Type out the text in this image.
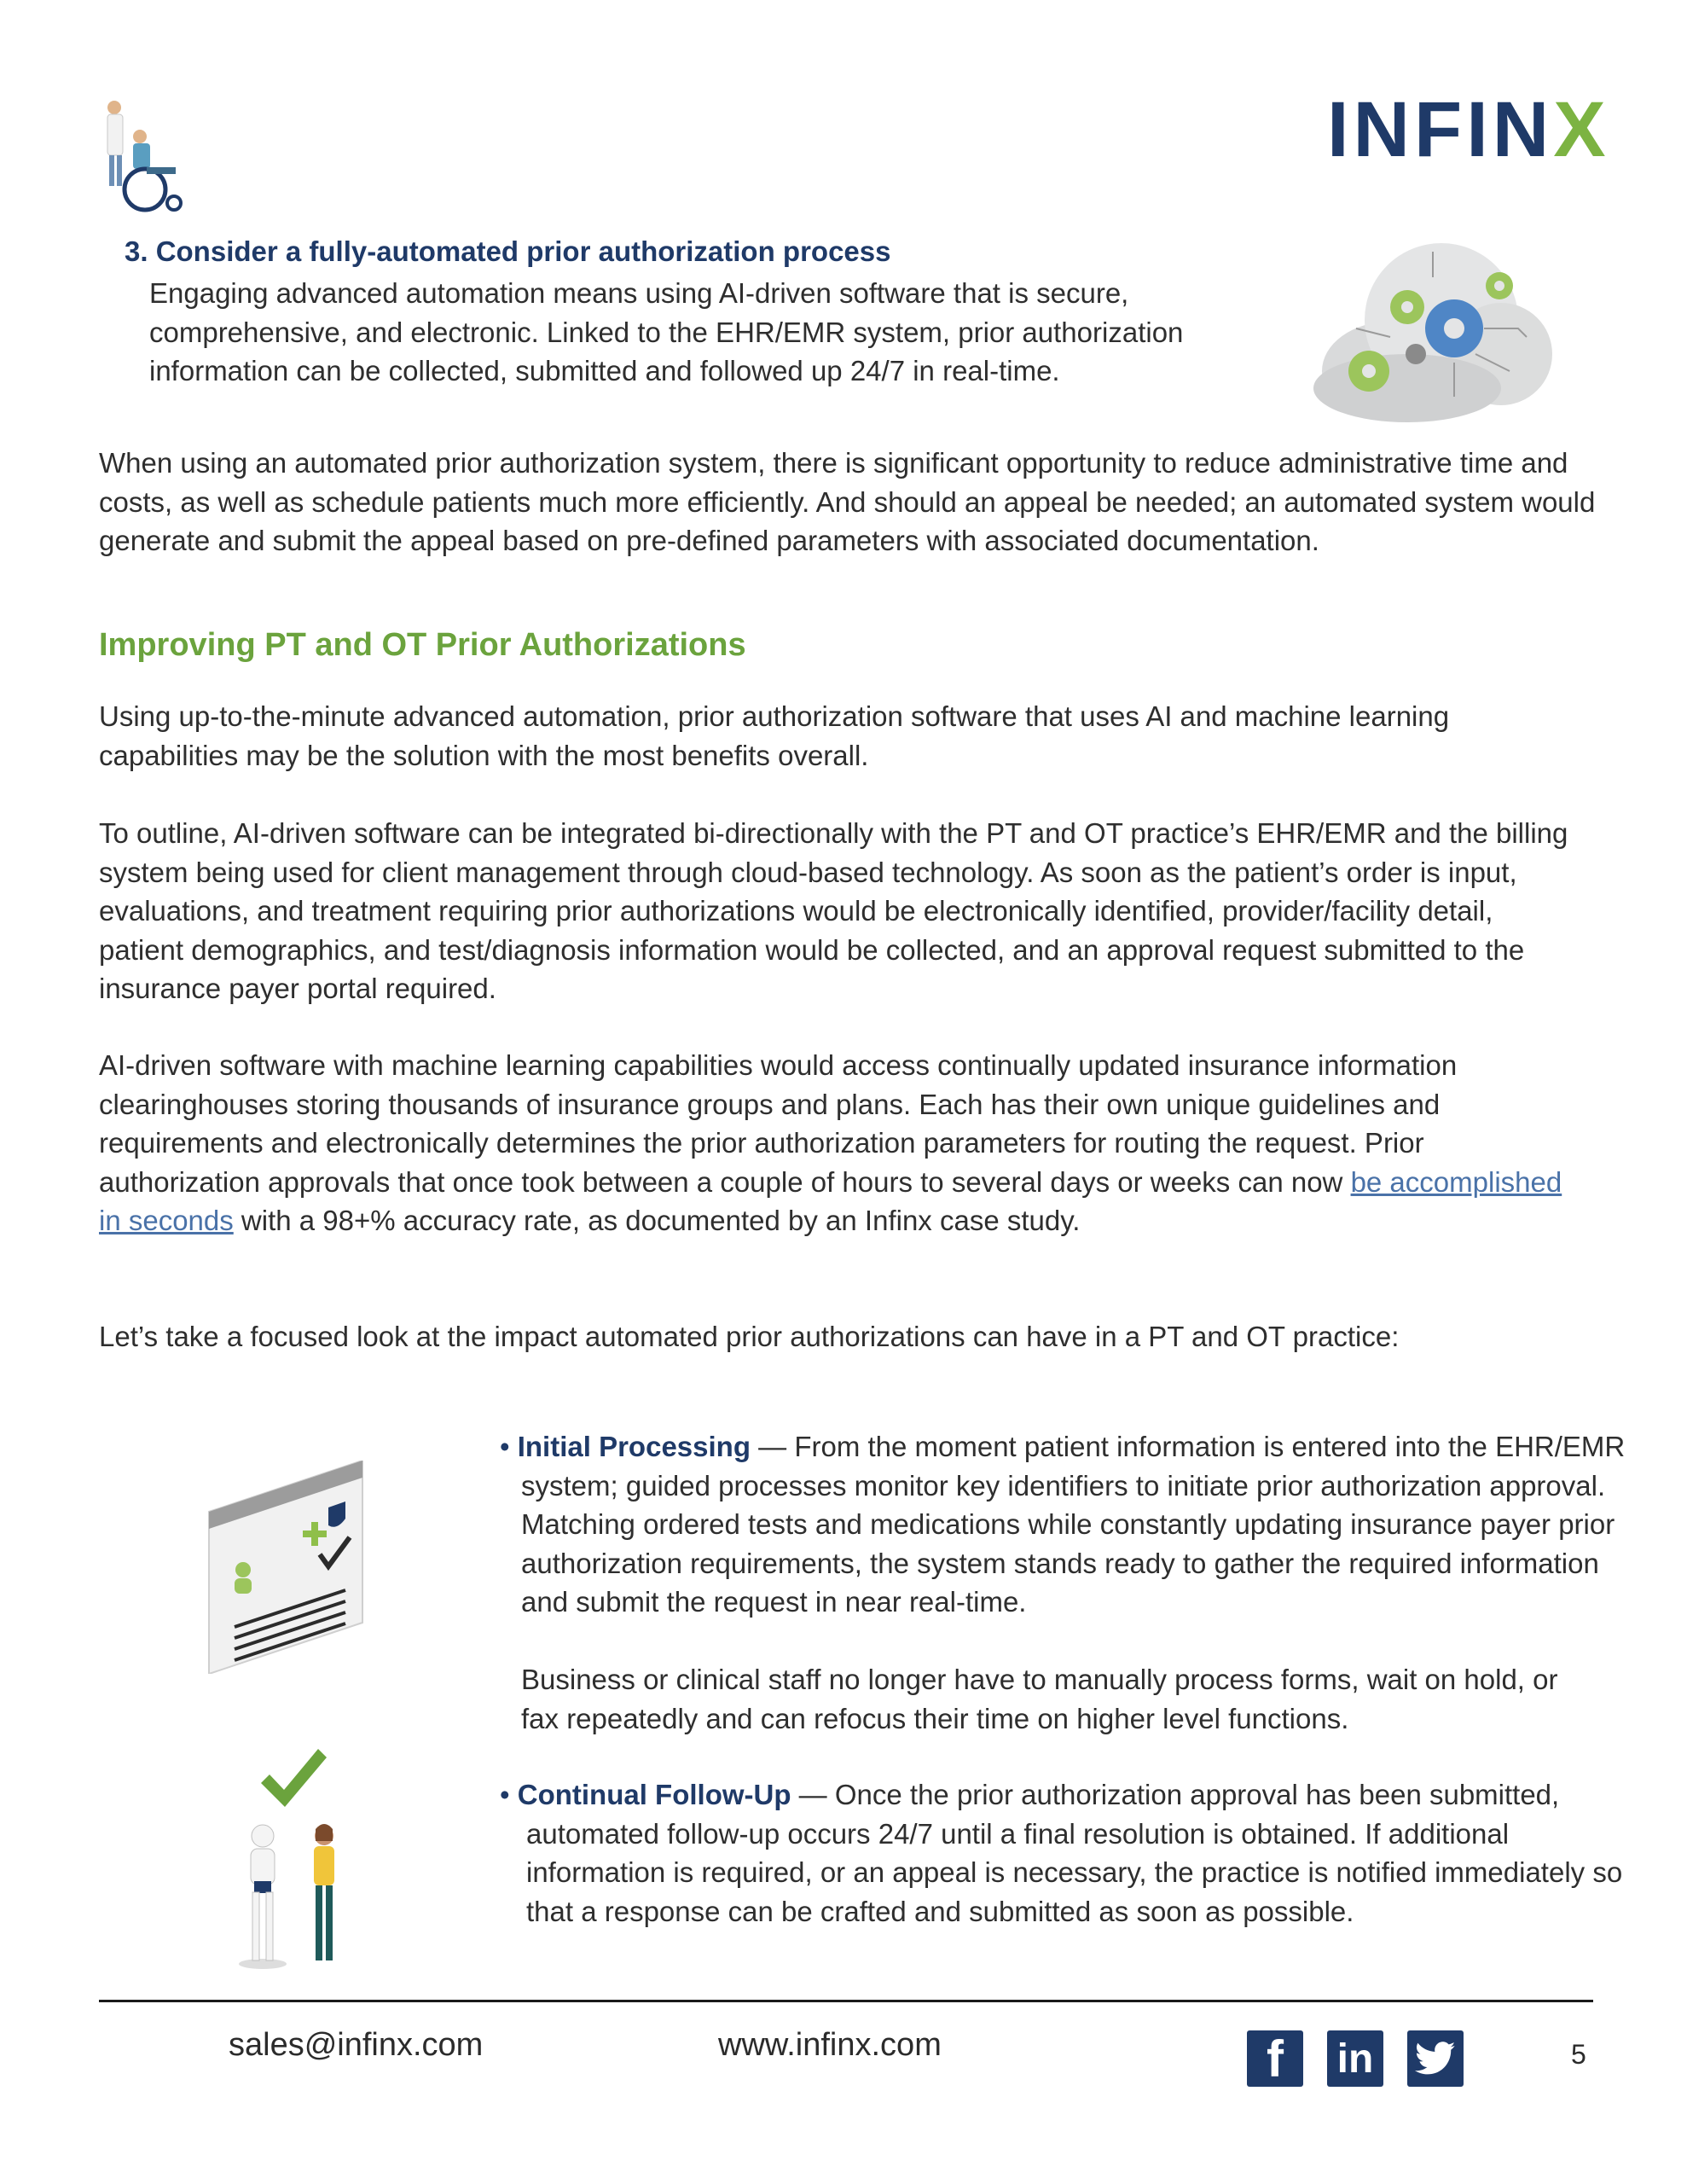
INFINX
3. Consider a fully-automated prior authorization process
Engaging advanced automation means using AI-driven software that is secure,
comprehensive, and electronic. Linked to the EHR/EMR system, prior authorization
information can be collected, submitted and followed up 24/7 in real-time.
When using an automated prior authorization system, there is significant opportunity to reduce administrative time and
costs, as well as schedule patients much more efficiently. And should an appeal be needed; an automated system would
generate and submit the appeal based on pre-defined parameters with associated documentation.
Improving PT and OT Prior Authorizations
Using up-to-the-minute advanced automation, prior authorization software that uses AI and machine learning
capabilities may be the solution with the most benefits overall.
To outline, AI-driven software can be integrated bi-directionally with the PT and OT practice’s EHR/EMR and the billing
system being used for client management through cloud-based technology. As soon as the patient’s order is input,
evaluations, and treatment requiring prior authorizations would be electronically identified, provider/facility detail,
patient demographics, and test/diagnosis information would be collected, and an approval request submitted to the
insurance payer portal required.
AI-driven software with machine learning capabilities would access continually updated insurance information
clearinghouses storing thousands of insurance groups and plans. Each has their own unique guidelines and
requirements and electronically determines the prior authorization parameters for routing the request. Prior
authorization approvals that once took between a couple of hours to several days or weeks can now be accomplished
in seconds with a 98+% accuracy rate, as documented by an Infinx case study.
Let’s take a focused look at the impact automated prior authorizations can have in a PT and OT practice:
• Initial Processing — From the moment patient information is entered into the EHR/EMR
system; guided processes monitor key identifiers to initiate prior authorization approval.
Matching ordered tests and medications while constantly updating insurance payer prior
authorization requirements, the system stands ready to gather the required information
and submit the request in near real-time.
Business or clinical staff no longer have to manually process forms, wait on hold, or
fax repeatedly and can refocus their time on higher level functions.
• Continual Follow-Up — Once the prior authorization approval has been submitted,
automated follow-up occurs 24/7 until a final resolution is obtained. If additional
information is required, or an appeal is necessary, the practice is notified immediately so
that a response can be crafted and submitted as soon as possible.
sales@infinx.com	www.infinx.com	f in	5
